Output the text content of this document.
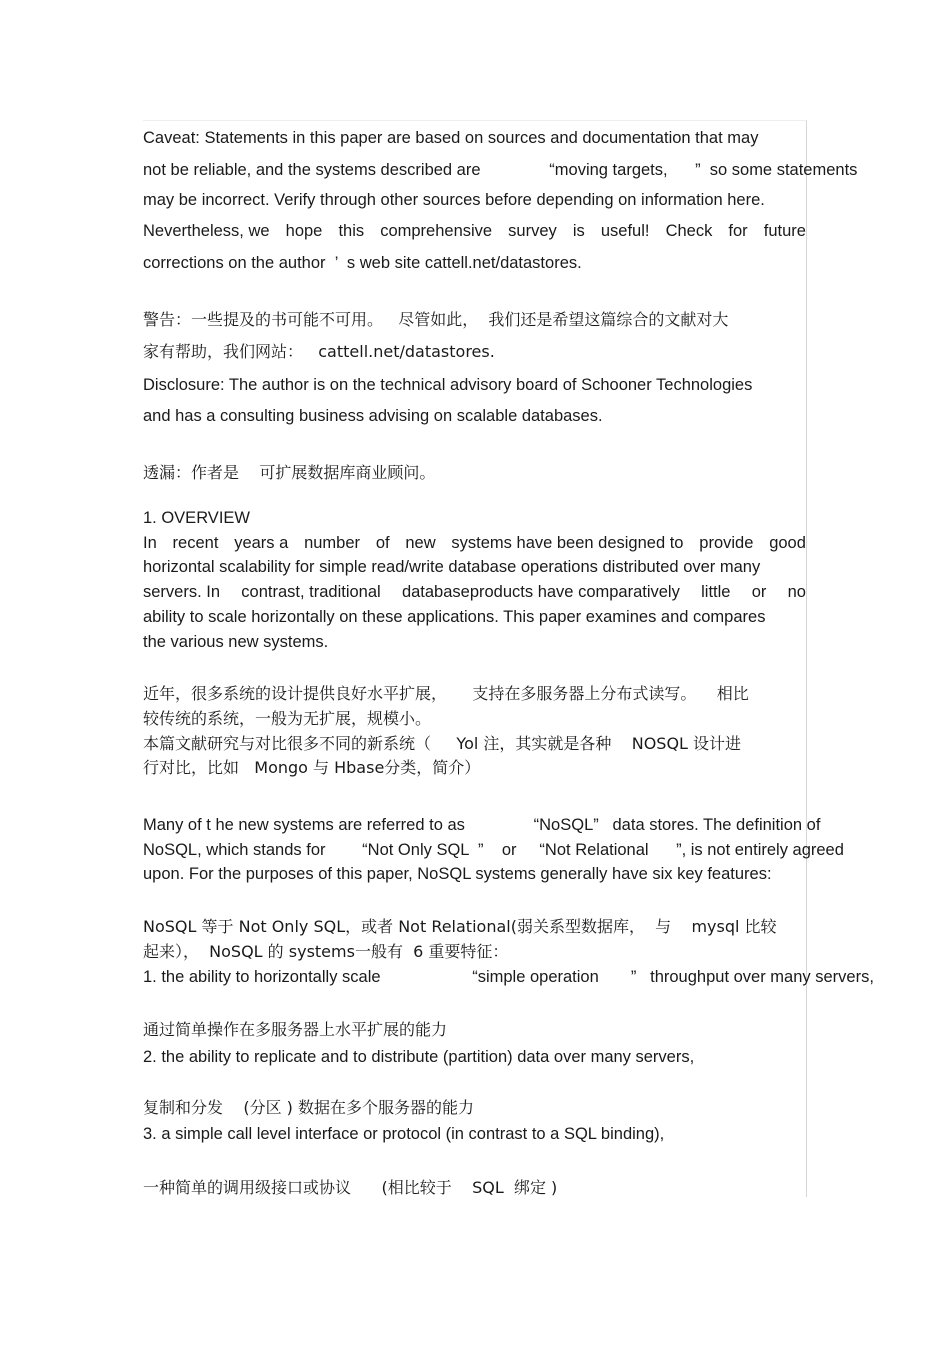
Caveat: Statements in this paper are based on sources and documentation that may

not be reliable, and the systems described are               “moving targets,      ”  so some statements

may be incorrect. Verify through other sources before depending on information here.

Nevertheless, we hope this comprehensive survey is useful! Check for future

corrections on the author  ’  s web site cattell.net/datastores.

警告：一些提及的书可能不可用。   尽管如此，  我们还是希望这篇综合的文献对大

家有帮助，我们网站：   cattell.net/datastores.

Disclosure: The author is on the technical advisory board of Schooner Technologies

and has a consulting business advising on scalable databases.

透漏：作者是    可扩展数据库商业顾问。

1. OVERVIEW

In recent years a number of new systems have been designed to provide good

horizontal scalability for simple read/write database operations distributed over many

servers. In contrast, traditional databaseproducts have comparatively little or no

ability to scale horizontally on these applications. This paper examines and compares

the various new systems.

近年，很多系统的设计提供良好水平扩展，     支持在多服务器上分布式读写。    相比

较传统的系统，一般为无扩展，规模小。

本篇文献研究与对比很多不同的新系统（     Yol 注，其实就是各种    NOSQL 设计进

行对比，比如   Mongo 与 Hbase分类，简介）

Many of t he new systems are referred to as               “NoSQL”   data stores. The definition of

NoSQL, which stands for        “Not Only SQL  ”    or     “Not Relational      ”, is not entirely agreed

upon. For the purposes of this paper, NoSQL systems generally have six key features:

NoSQL 等于 Not Only SQL，或者 Not Relational(弱关系型数据库，  与    mysql 比较

起来），  NoSQL 的 systems一般有  6 重要特征：

1. the ability to horizontally scale                    “simple operation       ”   throughput over many servers,

通过简单操作在多服务器上水平扩展的能力

2. the ability to replicate and to distribute (partition) data over many servers,

复制和分发    (分区 ) 数据在多个服务器的能力

3. a simple call level interface or protocol (in contrast to a SQL binding),

一种简单的调用级接口或协议      (相比较于    SQL  绑定 )
